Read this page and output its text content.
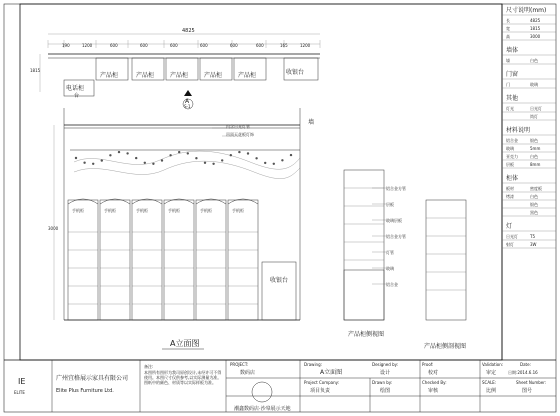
4825
190	1200	600	600	600	600	600	600	165	1200
1815
电话柜
台
产品柜	产品柜	产品柜	产品柜	产品柜	收银台
A
S-1
墙
3000
内含日光灯管
吊顶天花板灯饰
手机柜	手机柜	手机柜	手机柜	手机柜	手机柜
收银台
A立面图
产品柜侧视图
产品柜侧剖视图
铝合金方管
层板
玻璃层板
铝合金方管
灯管
玻璃
铝合金
尺寸说明(mm)
长	4825
宽	1815
高	3000
墙体
墙	白色
门窗
门	玻璃
其他
灯光	日光灯
筒灯
材料说明
铝合金	银色
玻璃	5mm
亚克力	白色
层板	8mm
柜体
板材	密度板
烤漆	白色
银色
黑色
灯
日光灯	T5
射灯	3W
IE
ELITE
广州宜格展示家具有限公司
Elite Plus Furniture Ltd.
备注:
本图所有图形为我司原创设计,未经许可不得使用。本图尺寸仅供参考,以实际测量为准。图纸中的颜色、材质等以实际样板为准。
PROJECT:
数码店
Drawing:
A立面图
Designed by:
设计
Proof:
校对
Validation:
审定
Date:
日期:2014.6.16
潮鑫数码店·沙皋展示天地
Project Company:
项目负责
Drawn by:
绘图
Checked By:
审核
SCALE:
比例
Sheet Number:
图号
